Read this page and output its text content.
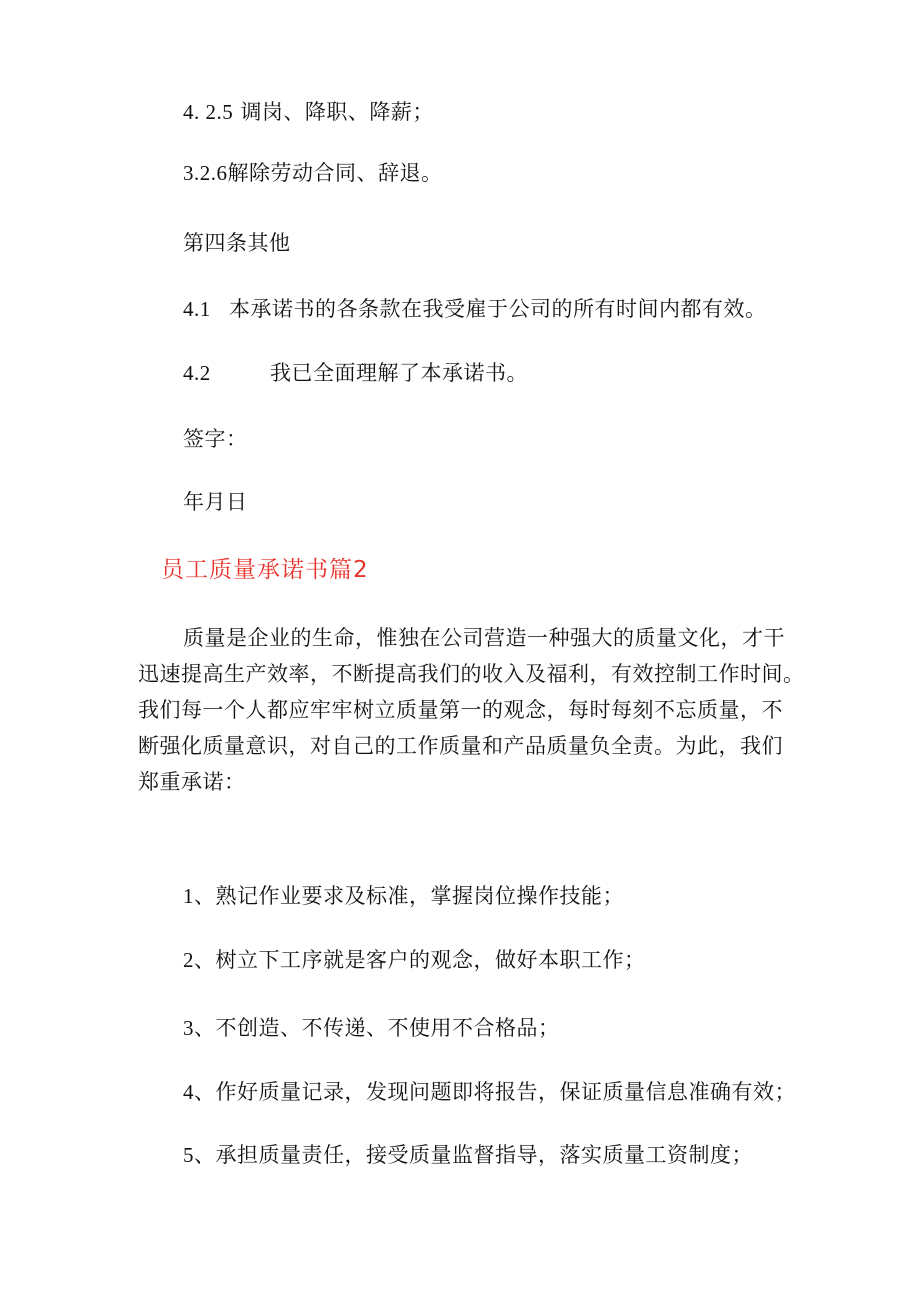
4. 2.5 调岗、降职、降薪；
3.2.6解除劳动合同、辞退。
第四条其他
4.1 本承诺书的各条款在我受雇于公司的所有时间内都有效。
4.2	我已全面理解了本承诺书。
签字：
年月日
员工质量承诺书篇2
质量是企业的生命，惟独在公司营造一种强大的质量文化，才干
迅速提高生产效率，不断提高我们的收入及福利，有效控制工作时间。
我们每一个人都应牢牢树立质量第一的观念，每时每刻不忘质量，不
断强化质量意识，对自己的工作质量和产品质量负全责。为此，我们
郑重承诺：
1、熟记作业要求及标准，掌握岗位操作技能；
2、树立下工序就是客户的观念，做好本职工作；
3、不创造、不传递、不使用不合格品；
4、作好质量记录，发现问题即将报告，保证质量信息准确有效；
5、承担质量责任，接受质量监督指导，落实质量工资制度；
